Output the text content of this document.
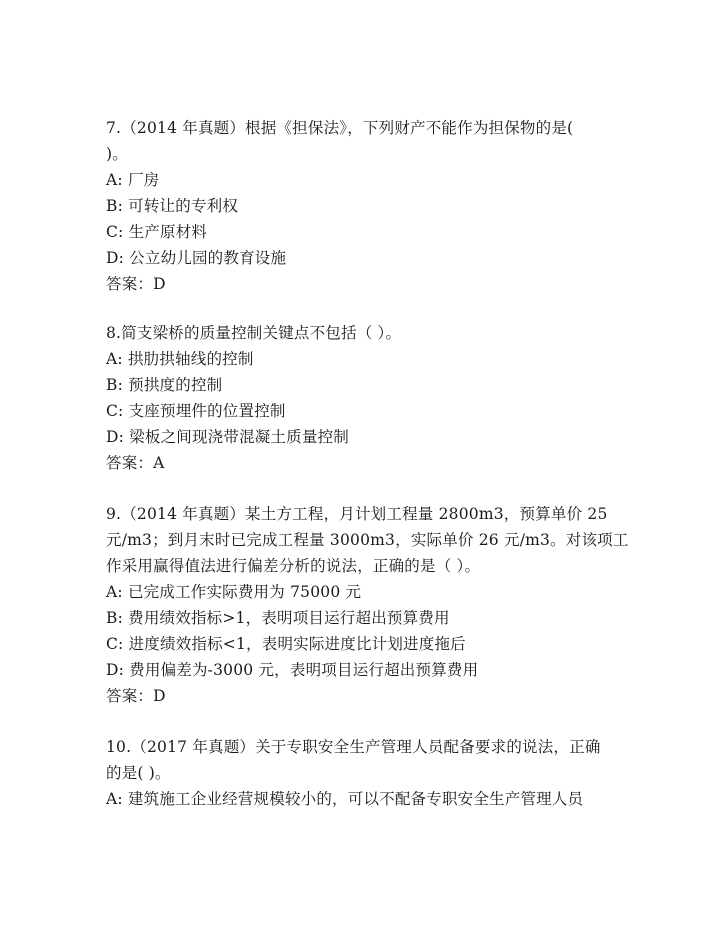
7.（2014 年真题）根据《担保法》，下列财产不能作为担保物的是(
)。
A: 厂房
B: 可转让的专利权
C: 生产原材料
D: 公立幼儿园的教育设施
答案：D
8.简支梁桥的质量控制关键点不包括（ ）。
A: 拱肋拱轴线的控制
B: 预拱度的控制
C: 支座预埋件的位置控制
D: 梁板之间现浇带混凝土质量控制
答案：A
9.（2014 年真题）某土方工程，月计划工程量 2800m3，预算单价 25
元/m3；到月末时已完成工程量 3000m3，实际单价 26 元/m3。对该项工
作采用赢得值法进行偏差分析的说法，正确的是（ ）。
A: 已完成工作实际费用为 75000 元
B: 费用绩效指标>1，表明项目运行超出预算费用
C: 进度绩效指标<1，表明实际进度比计划进度拖后
D: 费用偏差为-3000 元，表明项目运行超出预算费用
答案：D
10.（2017 年真题）关于专职安全生产管理人员配备要求的说法，正确
的是( )。
A: 建筑施工企业经营规模较小的，可以不配备专职安全生产管理人员
